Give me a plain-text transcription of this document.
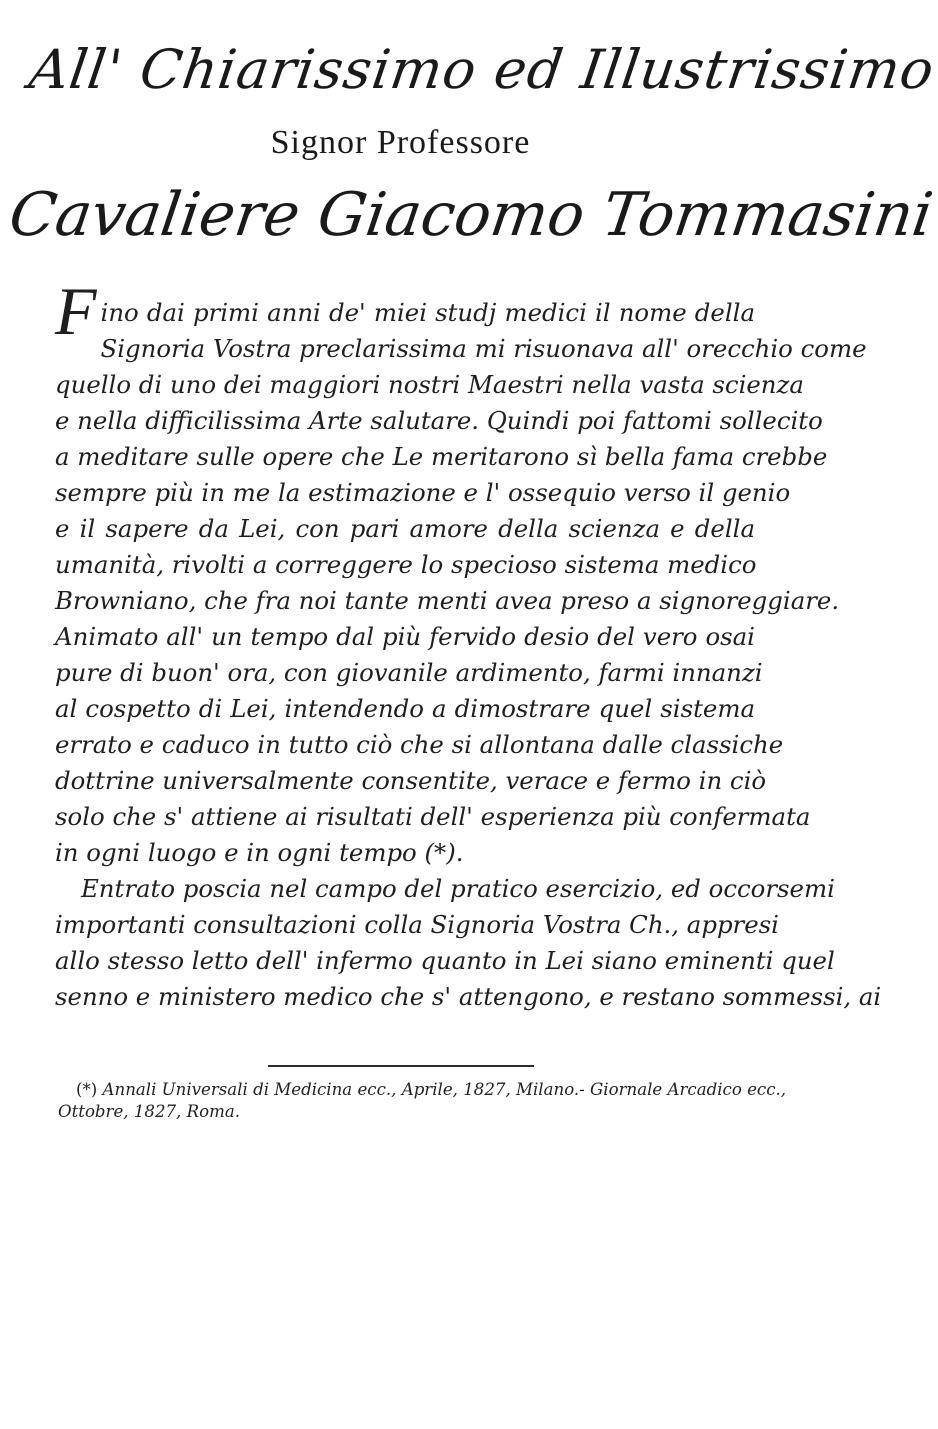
All' Chiarissimo ed Illustrissimo
Signor Professore
Cavaliere Giacomo Tommasini
F ino dai primi anni de' miei studj medici il nome della
Signoria Vostra preclarissima mi risuonava all' orecchio come
quello di uno dei maggiori nostri Maestri nella vasta scienza
e nella difficilissima Arte salutare. Quindi poi fattomi sollecito
a meditare sulle opere che Le meritarono sì bella fama crebbe
sempre più in me la estimazione e l' ossequio verso il genio
e il sapere da Lei, con pari amore della scienza e della
umanità, rivolti a correggere lo specioso sistema medico
Browniano, che fra noi tante menti avea preso a signoreggiare.
Animato all' un tempo dal più fervido desio del vero osai
pure di buon' ora, con giovanile ardimento, farmi innanzi
al cospetto di Lei, intendendo a dimostrare quel sistema
errato e caduco in tutto ciò che si allontana dalle classiche
dottrine universalmente consentite, verace e fermo in ciò
solo che s' attiene ai risultati dell' esperienza più confermata
in ogni luogo e in ogni tempo (*).
Entrato poscia nel campo del pratico esercizio, ed occorsemi
importanti consultazioni colla Signoria Vostra Ch., appresi
allo stesso letto dell' infermo quanto in Lei siano eminenti quel
senno e ministero medico che s' attengono, e restano sommessi, ai
(*) Annali Universali di Medicina ecc., Aprile, 1827, Milano.- Giornale Arcadico ecc.,
Ottobre, 1827, Roma.
